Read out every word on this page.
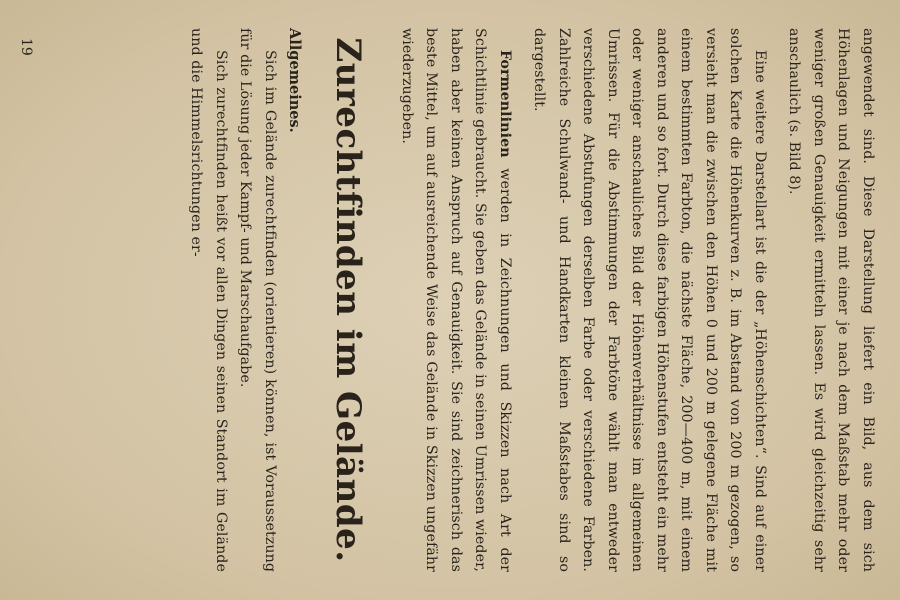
angewendet sind. Diese Darstellung liefert ein Bild, aus dem sich Höhenlagen und Neigungen mit einer je nach dem Maßstab mehr oder weniger großen Genauigkeit ermitteln lassen. Es wird gleichzeitig sehr anschaulich (s. Bild 8).

Eine weitere Darstellart ist die der „Höhenschichten“. Sind auf einer solchen Karte die Höhenkurven z. B. im Abstand von 200 m gezogen, so versieht man die zwischen den Höhen 0 und 200 m gelegene Fläche mit einem bestimmten Farbton, die nächste Fläche, 200—400 m, mit einem anderen und so fort. Durch diese farbigen Höhenstufen entsteht ein mehr oder weniger anschauliches Bild der Höhenverhältnisse im allgemeinen Umrissen. Für die Abstimmungen der Farbtöne wählt man entweder verschiedene Abstufungen derselben Farbe oder verschiedene Farben. Zahlreiche Schulwand- und Handkarten kleinen Maßstabes sind so dargestellt.

Formenlinien werden in Zeichnungen und Skizzen nach Art der Schichtlinie gebraucht. Sie geben das Gelände in seinen Umrissen wieder, haben aber keinen Anspruch auf Genauigkeit. Sie sind zeichnerisch das beste Mittel, um auf ausreichende Weise das Gelände in Skizzen ungefähr wiederzugeben.

Zurechtfinden im Gelände.
Allgemeines.

Sich im Gelände zurechtfinden (orientieren) können, ist Voraussetzung für die Lösung jeder Kampf- und Marschaufgabe.

Sich zurechtfinden heißt vor allen Dingen seinen Standort im Gelände und die Himmelsrichtungen er-

19
